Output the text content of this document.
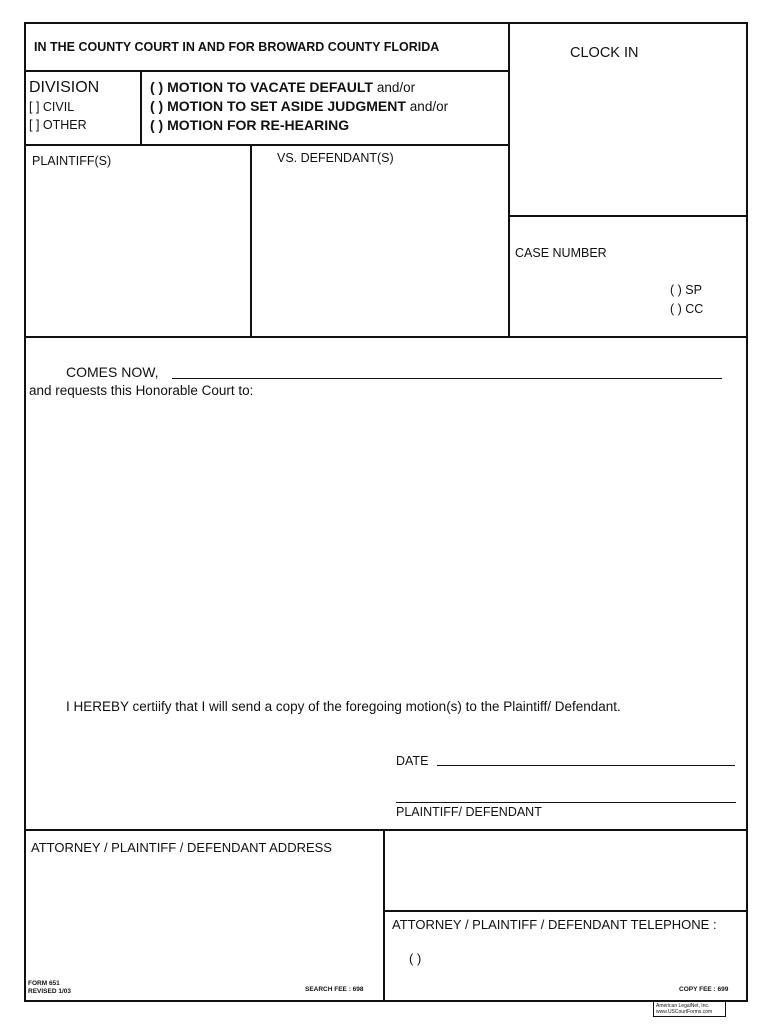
IN THE COUNTY COURT IN AND FOR BROWARD COUNTY FLORIDA	CLOCK IN
DIVISION
[ ] CIVIL
[ ] OTHER
( ) MOTION TO VACATE DEFAULT and/or
( ) MOTION TO SET ASIDE JUDGMENT and/or
( ) MOTION FOR RE-HEARING
PLAINTIFF(S)	VS. DEFENDANT(S)
CASE NUMBER
( ) SP
( ) CC
COMES NOW,
and requests this Honorable Court to:
I HEREBY certiify that I will send a copy of the foregoing motion(s) to the Plaintiff/ Defendant.
DATE
PLAINTIFF/ DEFENDANT
ATTORNEY / PLAINTIFF / DEFENDANT ADDRESS
ATTORNEY / PLAINTIFF / DEFENDANT TELEPHONE :
( )
FORM 651
REVISED 1/03	SEARCH FEE : 698	COPY FEE : 699
American LegalNet, Inc.
www.USCourtForms.com
